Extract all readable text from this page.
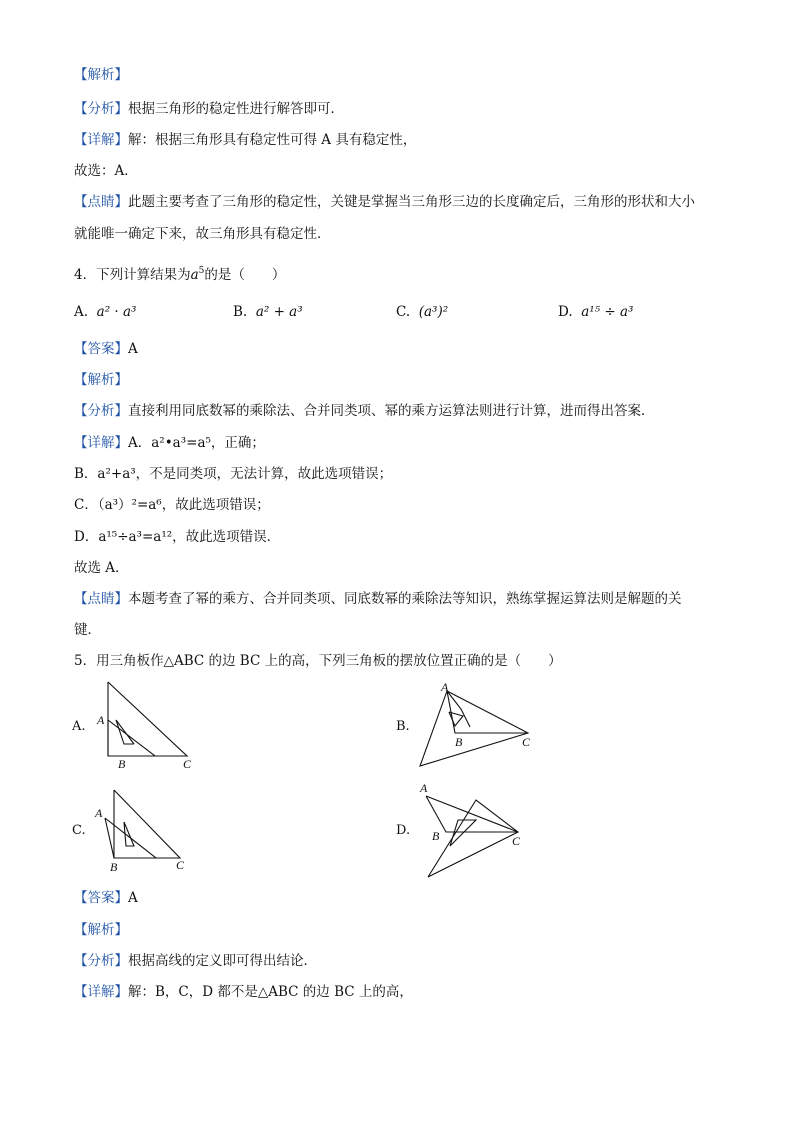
【解析】
【分析】根据三角形的稳定性进行解答即可．
【详解】解：根据三角形具有稳定性可得 A 具有稳定性，
故选：A．
【点睛】此题主要考查了三角形的稳定性，关键是掌握当三角形三边的长度确定后，三角形的形状和大小
就能唯一确定下来，故三角形具有稳定性．
4．下列计算结果为$a^5$的是（　　）
A. a² · a³	B. a² + a³	C. (a³)²	D. a¹⁵ ÷ a³
【答案】A
【解析】
【分析】直接利用同底数幂的乘除法、合并同类项、幂的乘方运算法则进行计算，进而得出答案．
【详解】A．a²•a³=a⁵，正确；
B．a²+a³，不是同类项，无法计算，故此选项错误；
C．（a³）²=a⁶，故此选项错误；
D．a¹⁵÷a³=a¹²，故此选项错误．
故选 A．
【点睛】本题考查了幂的乘方、合并同类项、同底数幂的乘除法等知识，熟练掌握运算法则是解题的关
键．
5．用三角板作△ABC 的边 BC 上的高，下列三角板的摆放位置正确的是（　　）
A.	B.
C.	D.
A
B	C
A
B	C
A
B	C
A
B	C
【答案】A
【解析】
【分析】根据高线的定义即可得出结论．
【详解】解：B，C，D 都不是△ABC 的边 BC 上的高，
